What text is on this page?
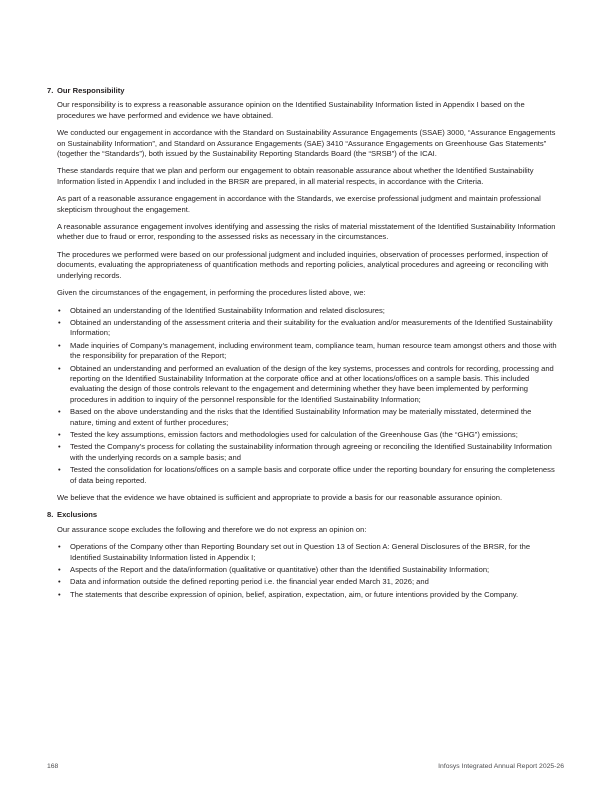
7. Our Responsibility

Our responsibility is to express a reasonable assurance opinion on the Identified Sustainability Information listed in Appendix I based on the procedures we have performed and evidence we have obtained.

We conducted our engagement in accordance with the Standard on Sustainability Assurance Engagements (SSAE) 3000, “Assurance Engagements on Sustainability Information”, and Standard on Assurance Engagements (SAE) 3410 “Assurance Engagements on Greenhouse Gas Statements” (together the “Standards”), both issued by the Sustainability Reporting Standards Board (the “SRSB”) of the ICAI.

These standards require that we plan and perform our engagement to obtain reasonable assurance about whether the Identified Sustainability Information listed in Appendix I and included in the BRSR are prepared, in all material respects, in accordance with the Criteria.

As part of a reasonable assurance engagement in accordance with the Standards, we exercise professional judgment and maintain professional skepticism throughout the engagement.

A reasonable assurance engagement involves identifying and assessing the risks of material misstatement of the Identified Sustainability Information whether due to fraud or error, responding to the assessed risks as necessary in the circumstances.

The procedures we performed were based on our professional judgment and included inquiries, observation of processes performed, inspection of documents, evaluating the appropriateness of quantification methods and reporting policies, analytical procedures and agreeing or reconciling with underlying records.

Given the circumstances of the engagement, in performing the procedures listed above, we:

• Obtained an understanding of the Identified Sustainability Information and related disclosures;
• Obtained an understanding of the assessment criteria and their suitability for the evaluation and/or measurements of the Identified Sustainability Information;
• Made inquiries of Company’s management, including environment team, compliance team, human resource team amongst others and those with the responsibility for preparation of the Report;
• Obtained an understanding and performed an evaluation of the design of the key systems, processes and controls for recording, processing and reporting on the Identified Sustainability Information at the corporate office and at other locations/offices on a sample basis. This included evaluating the design of those controls relevant to the engagement and determining whether they have been implemented by performing procedures in addition to inquiry of the personnel responsible for the Identified Sustainability Information;
• Based on the above understanding and the risks that the Identified Sustainability Information may be materially misstated, determined the nature, timing and extent of further procedures;
• Tested the key assumptions, emission factors and methodologies used for calculation of the Greenhouse Gas (the “GHG”) emissions;
• Tested the Company’s process for collating the sustainability information through agreeing or reconciling the Identified Sustainability Information with the underlying records on a sample basis; and
• Tested the consolidation for locations/offices on a sample basis and corporate office under the reporting boundary for ensuring the completeness of data being reported.

We believe that the evidence we have obtained is sufficient and appropriate to provide a basis for our reasonable assurance opinion.

8. Exclusions

Our assurance scope excludes the following and therefore we do not express an opinion on:

• Operations of the Company other than Reporting Boundary set out in Question 13 of Section A: General Disclosures of the BRSR, for the Identified Sustainability Information listed in Appendix I;
• Aspects of the Report and the data/information (qualitative or quantitative) other than the Identified Sustainability Information;
• Data and information outside the defined reporting period i.e. the financial year ended March 31, 2026; and
• The statements that describe expression of opinion, belief, aspiration, expectation, aim, or future intentions provided by the Company.
168	Infosys Integrated Annual Report 2025-26
